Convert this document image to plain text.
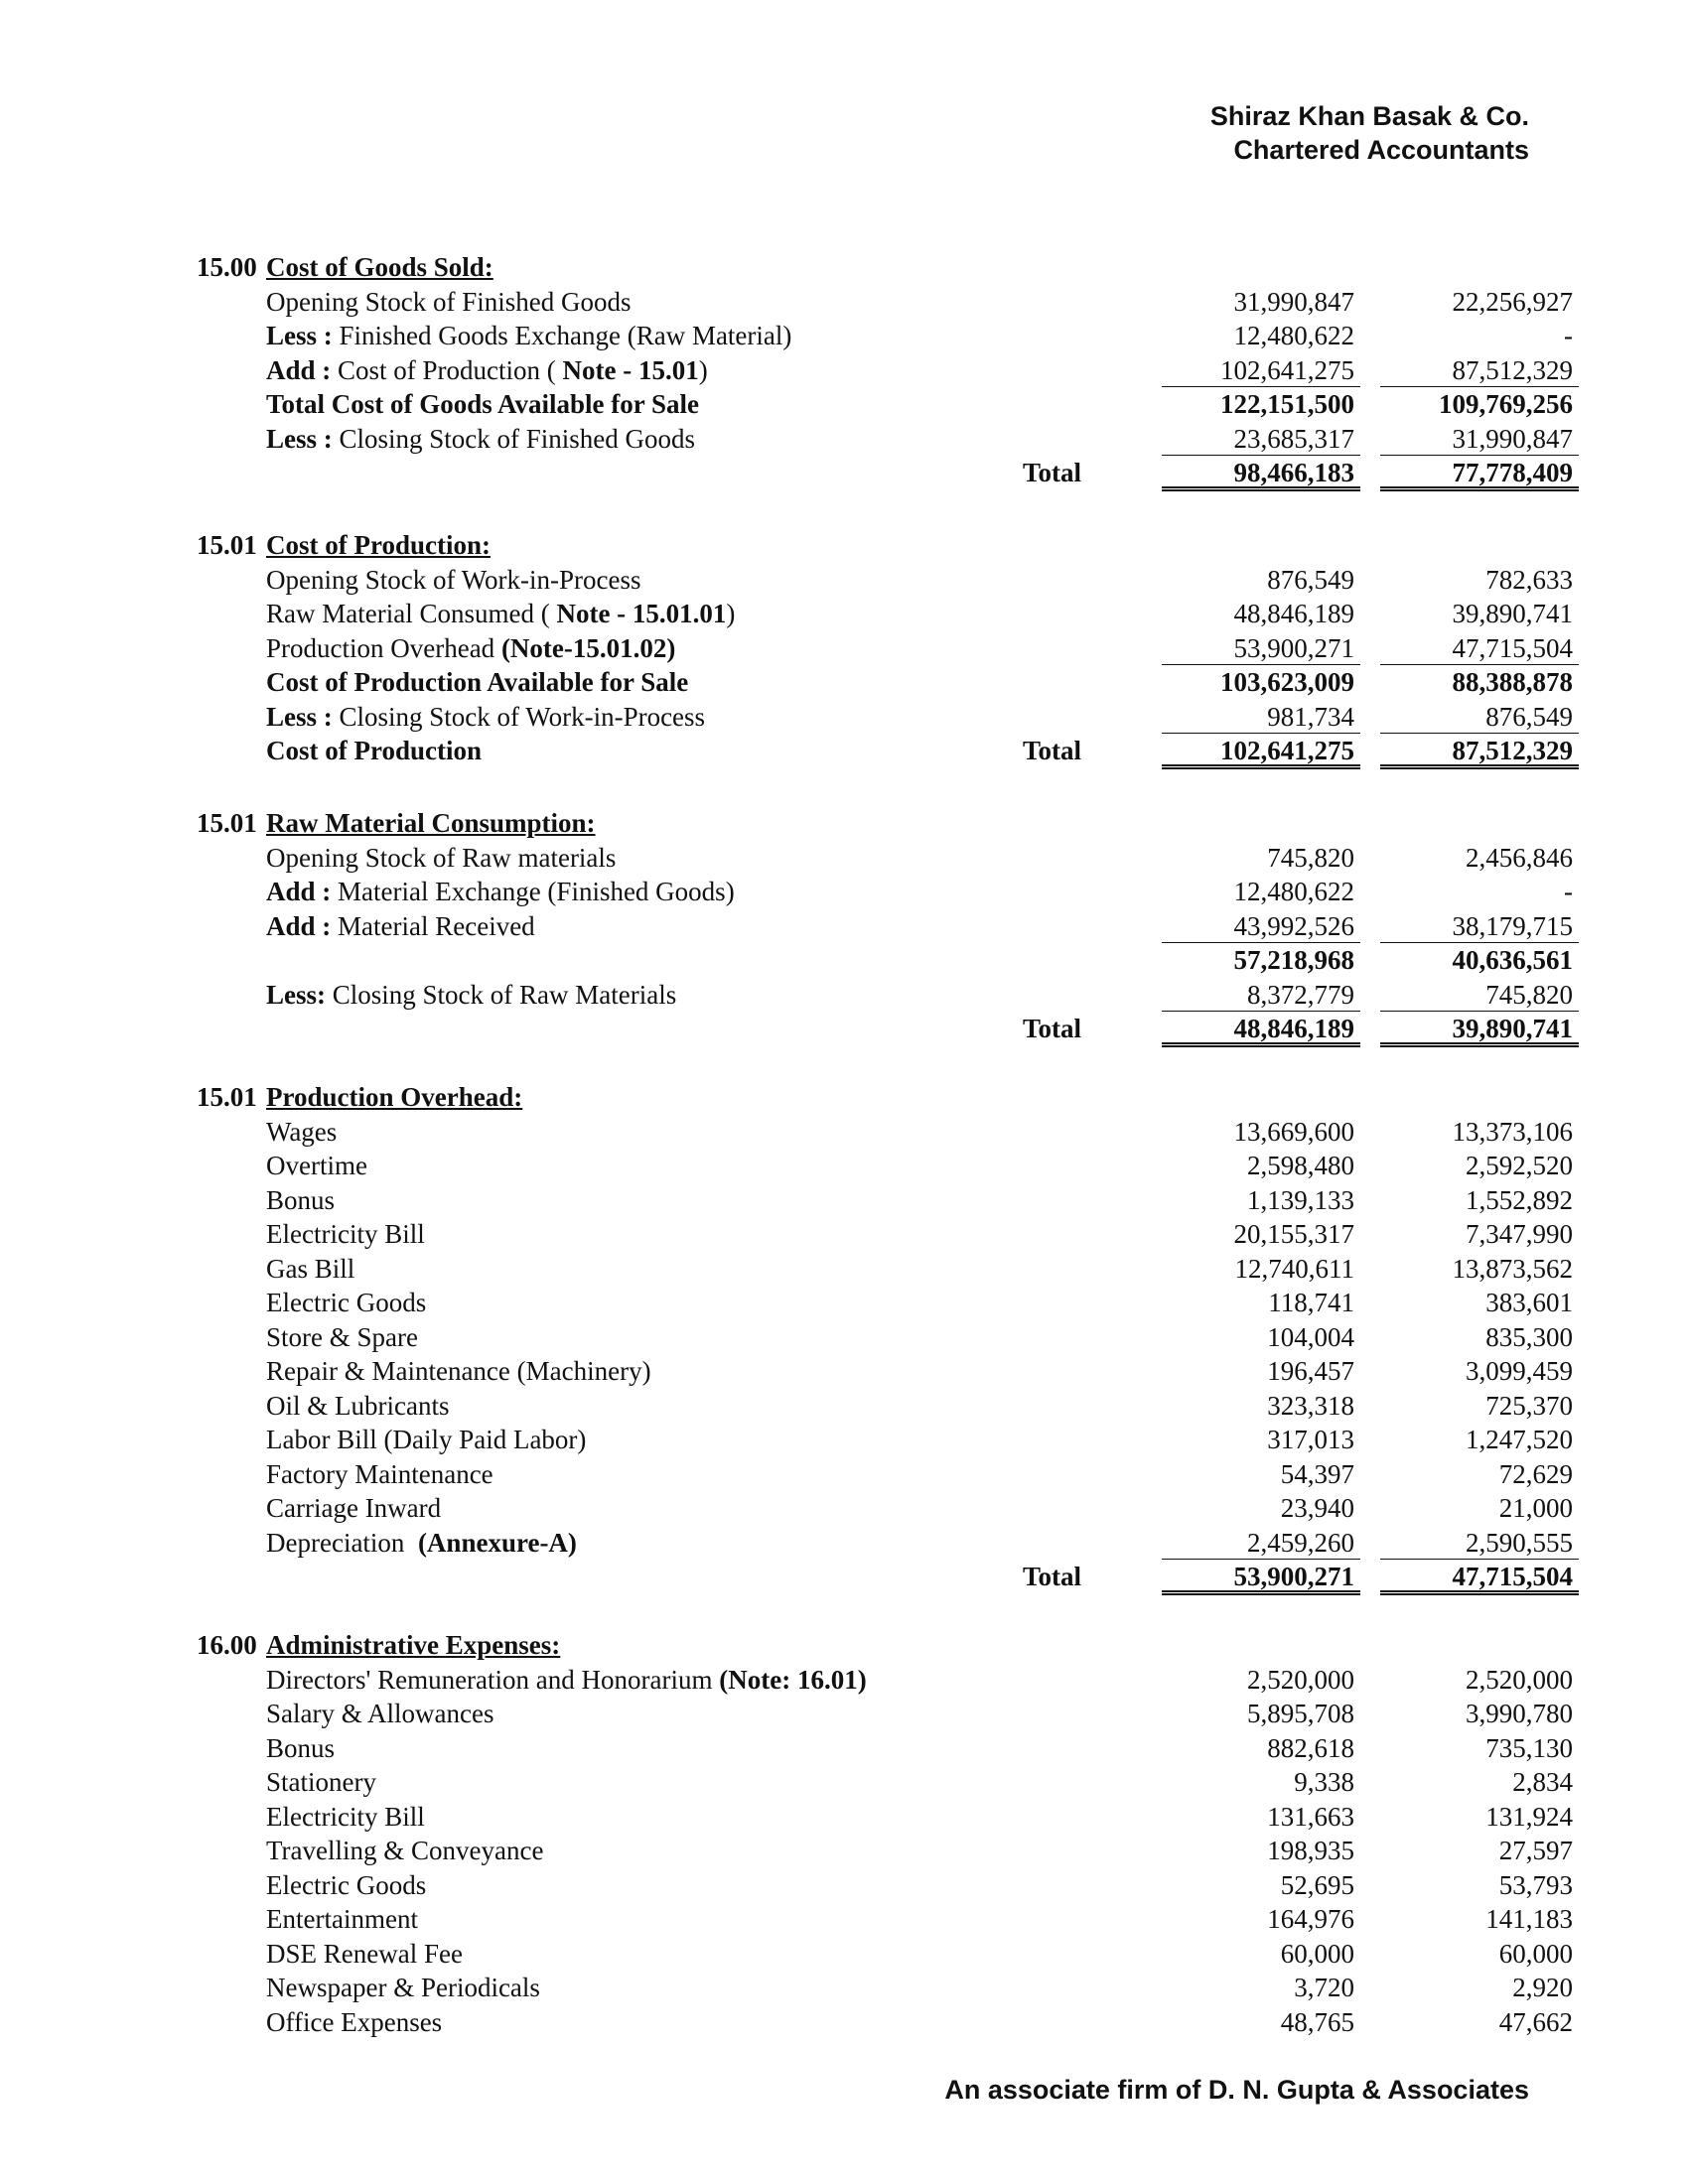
Shiraz Khan Basak & Co.
Chartered Accountants
15.00 Cost of Goods Sold:
Opening Stock of Finished Goods	31,990,847	22,256,927
Less : Finished Goods Exchange (Raw Material)	12,480,622	-
Add : Cost of Production ( Note - 15.01)	102,641,275	87,512,329
Total Cost of Goods Available for Sale	122,151,500	109,769,256
Less : Closing Stock of Finished Goods	23,685,317	31,990,847
Total	98,466,183	77,778,409
15.01 Cost of Production:
Opening Stock of Work-in-Process	876,549	782,633
Raw Material Consumed ( Note - 15.01.01)	48,846,189	39,890,741
Production Overhead (Note-15.01.02)	53,900,271	47,715,504
Cost of Production Available for Sale	103,623,009	88,388,878
Less : Closing Stock of Work-in-Process	981,734	876,549
Cost of Production	Total	102,641,275	87,512,329
15.01 Raw Material Consumption:
Opening Stock of Raw materials	745,820	2,456,846
Add : Material Exchange (Finished Goods)	12,480,622	-
Add : Material Received	43,992,526	38,179,715
57,218,968	40,636,561
Less: Closing Stock of Raw Materials	8,372,779	745,820
Total	48,846,189	39,890,741
15.01 Production Overhead:
Wages	13,669,600	13,373,106
Overtime	2,598,480	2,592,520
Bonus	1,139,133	1,552,892
Electricity Bill	20,155,317	7,347,990
Gas Bill	12,740,611	13,873,562
Electric Goods	118,741	383,601
Store & Spare	104,004	835,300
Repair & Maintenance (Machinery)	196,457	3,099,459
Oil & Lubricants	323,318	725,370
Labor Bill (Daily Paid Labor)	317,013	1,247,520
Factory Maintenance	54,397	72,629
Carriage Inward	23,940	21,000
Depreciation  (Annexure-A)	2,459,260	2,590,555
Total	53,900,271	47,715,504
16.00 Administrative Expenses:
Directors' Remuneration and Honorarium (Note: 16.01)	2,520,000	2,520,000
Salary & Allowances	5,895,708	3,990,780
Bonus	882,618	735,130
Stationery	9,338	2,834
Electricity Bill	131,663	131,924
Travelling & Conveyance	198,935	27,597
Electric Goods	52,695	53,793
Entertainment	164,976	141,183
DSE Renewal Fee	60,000	60,000
Newspaper & Periodicals	3,720	2,920
Office Expenses	48,765	47,662
An associate firm of D. N. Gupta & Associates
